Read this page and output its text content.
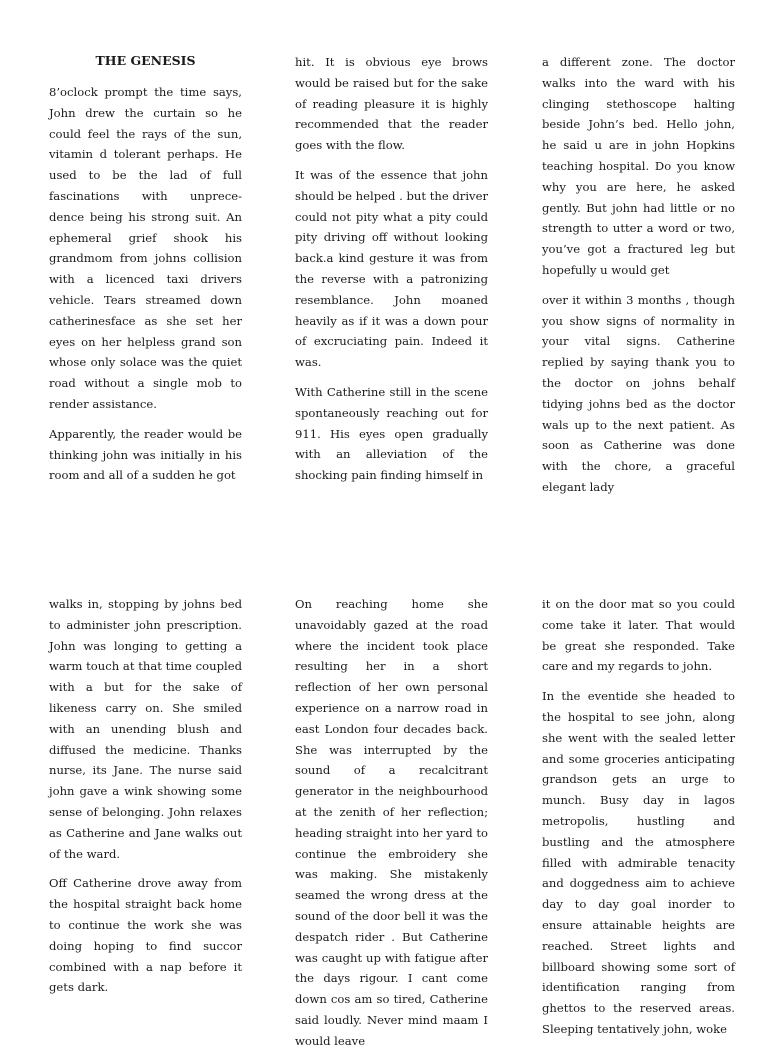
THE GENESIS

8’oclock prompt the time says, John drew the curtain so he could feel the rays of the sun, vitamin d tolerant perhaps. He used to be the lad of full fascinations with unprece- dence being his strong suit. An ephemeral grief shook his grandmom from johns collision with a licenced taxi drivers vehicle. Tears streamed down catherinesface as she set her eyes on her helpless grand son whose only solace was the quiet road without a single mob to render assistance.

Apparently, the reader would be thinking john was initially in his room and all of a sudden he got

hit. It is obvious eye brows would be raised but for the sake of reading pleasure it is highly recommended that the reader goes with the flow.

It was of the essence that john should be helped . but the driver could not pity what a pity could pity driving off without looking back.a kind gesture it was from the reverse with a patronizing resemblance. John moaned heavily as if it was a down pour of excruciating pain. Indeed it was.

With Catherine still in the scene spontaneously reaching out for 911. His eyes open gradually with an alleviation of the shocking pain finding himself in

a different zone. The doctor walks into the ward with his clinging stethoscope halting beside John’s bed. Hello john, he said u are in john Hopkins teaching hospital. Do you know why you are here, he asked gently. But john had little or no strength to utter a word or two, you’ve got a fractured leg but hopefully u would get

over it within 3 months , though you show signs of normality in your vital signs. Catherine replied by saying thank you to the doctor on johns behalf tidying johns bed as the doctor wals up to the next patient. As soon as Catherine was done with the chore, a graceful elegant lady

walks in, stopping by johns bed to administer john prescription. John was longing to getting a warm touch at that time coupled with a but for the sake of likeness carry on. She smiled with an unending blush and diffused the medicine. Thanks nurse, its Jane. The nurse said john gave a wink showing some sense of belonging. John relaxes as Catherine and Jane walks out of the ward.

Off Catherine drove away from the hospital straight back home to continue the work she was doing hoping to find succor combined with a nap before it gets dark.

On reaching home she unavoidably gazed at the road where the incident took place resulting her in a short reflection of her own personal experience on a narrow road in east London four decades back. She was interrupted by the sound of a recalcitrant generator in the neighbourhood at the zenith of her reflection; heading straight into her yard to continue the embroidery she was making. She mistakenly seamed the wrong dress at the sound of the door bell it was the despatch rider . But Catherine was caught up with fatigue after the days rigour. I cant come down cos am so tired, Catherine said loudly. Never mind maam I would leave

it on the door mat so you could come take it later. That would be great she responded. Take care and my regards to john.

In the eventide she headed to the hospital to see john, along she went with the sealed letter and some groceries anticipating grandson gets an urge to munch. Busy day in lagos metropolis, hustling and bustling and the atmosphere filled with admirable tenacity and doggedness aim to achieve day to day goal inorder to ensure attainable heights are reached. Street lights and billboard showing some sort of identification ranging from ghettos to the reserved areas. Sleeping tentatively john, woke
